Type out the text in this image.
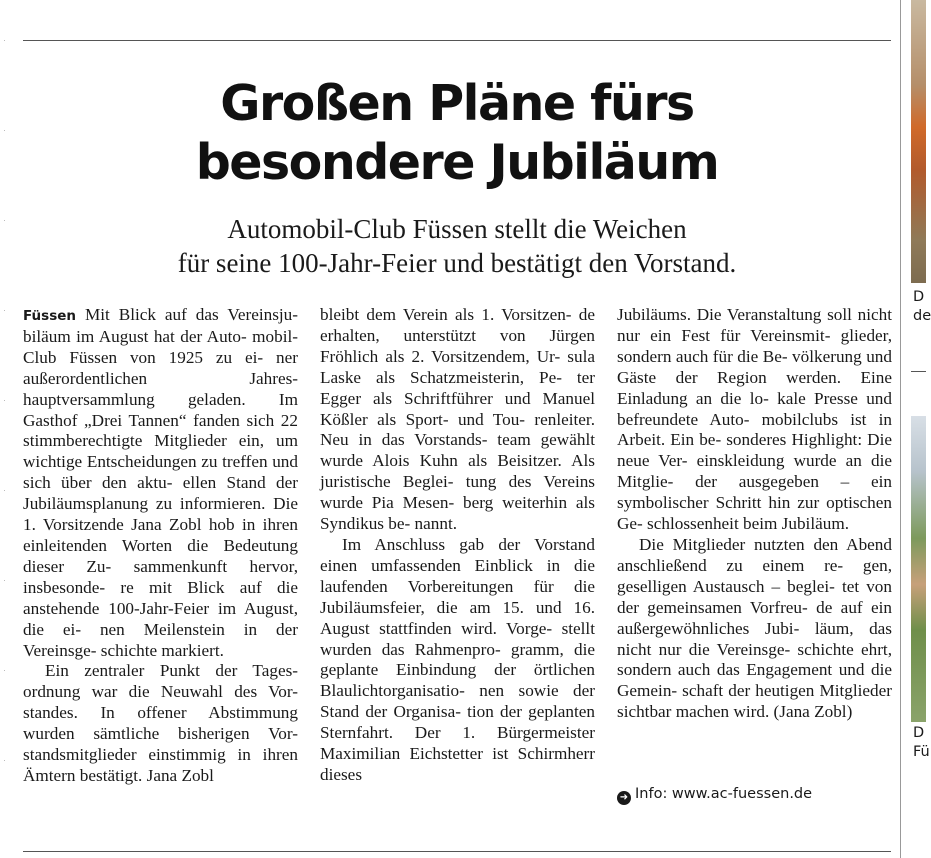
Großen Pläne fürs
besondere Jubiläum
Automobil-Club Füssen stellt die Weichen
für seine 100-Jahr-Feier und bestätigt den Vorstand.

Füssen Mit Blick auf das Vereinsju- biläum im August hat der Auto- mobil-Club Füssen von 1925 zu ei- ner außerordentlichen Jahres- hauptversammlung geladen. Im Gasthof „Drei Tannen“ fanden sich 22 stimmberechtigte Mitglieder ein, um wichtige Entscheidungen zu treffen und sich über den aktu- ellen Stand der Jubiläumsplanung zu informieren. Die 1. Vorsitzende Jana Zobl hob in ihren einleitenden Worten die Bedeutung dieser Zu- sammenkunft hervor, insbesonde- re mit Blick auf die anstehende 100-Jahr-Feier im August, die ei- nen Meilenstein in der Vereinsge- schichte markiert.

Ein zentraler Punkt der Tages- ordnung war die Neuwahl des Vor- standes. In offener Abstimmung wurden sämtliche bisherigen Vor- standsmitglieder einstimmig in ihren Ämtern bestätigt. Jana Zobl

bleibt dem Verein als 1. Vorsitzen- de erhalten, unterstützt von Jürgen Fröhlich als 2. Vorsitzendem, Ur- sula Laske als Schatzmeisterin, Pe- ter Egger als Schriftführer und Manuel Kößler als Sport- und Tou- renleiter. Neu in das Vorstands- team gewählt wurde Alois Kuhn als Beisitzer. Als juristische Beglei- tung des Vereins wurde Pia Mesen- berg weiterhin als Syndikus be- nannt.

Im Anschluss gab der Vorstand einen umfassenden Einblick in die laufenden Vorbereitungen für die Jubiläumsfeier, die am 15. und 16. August stattfinden wird. Vorge- stellt wurden das Rahmenpro- gramm, die geplante Einbindung der örtlichen Blaulichtorganisatio- nen sowie der Stand der Organisa- tion der geplanten Sternfahrt. Der 1. Bürgermeister Maximilian Eichstetter ist Schirmherr dieses

Jubiläums. Die Veranstaltung soll nicht nur ein Fest für Vereinsmit- glieder, sondern auch für die Be- völkerung und Gäste der Region werden. Eine Einladung an die lo- kale Presse und befreundete Auto- mobilclubs ist in Arbeit. Ein be- sonderes Highlight: Die neue Ver- einskleidung wurde an die Mitglie- der ausgegeben – ein symbolischer Schritt hin zur optischen Ge- schlossenheit beim Jubiläum.

Die Mitglieder nutzten den Abend anschließend zu einem re- gen, geselligen Austausch – beglei- tet von der gemeinsamen Vorfreu- de auf ein außergewöhnliches Jubi- läum, das nicht nur die Vereinsge- schichte ehrt, sondern auch das Engagement und die Gemein- schaft der heutigen Mitglieder sichtbar machen wird. (Jana Zobl)

➜ Info: www.ac-fuessen.de
D
de
D
Fü
